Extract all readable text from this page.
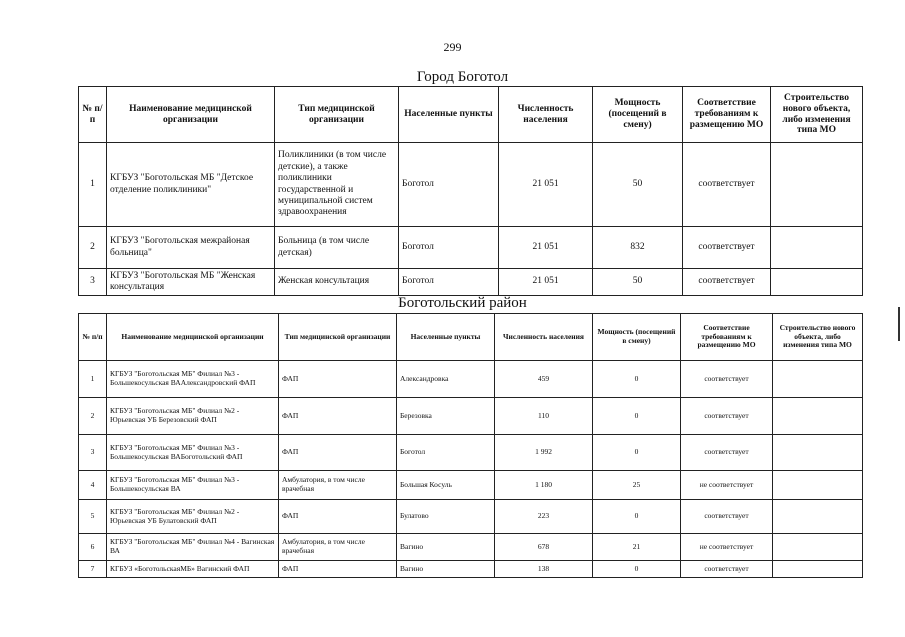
299
Город Боготол
№ п/п	Наименование медицинской организации	Тип медицинской организации	Населенные пункты	Численность населения	Мощность (посещений в смену)	Соответствие требованиям к размещению МО	Строительство нового объекта, либо изменения типа МО
1	КГБУЗ "Боготольская МБ "Детское отделение поликлиники"	Поликлиники (в том числе детские), а также поликлиники государственной и муниципальной систем здравоохранения	Боготол	21 051	50	соответствует	
2	КГБУЗ "Боготольская межрайоная больница"	Больница (в том числе детская)	Боготол	21 051	832	соответствует	
3	КГБУЗ "Боготольская МБ "Женская консультация	Женская консультация	Боготол	21 051	50	соответствует	
Боготольский район
№ п/п	Наименование медицинской организации	Тип медицинской организации	Населенные пункты	Численность населения	Мощность (посещений в смену)	Соответствие требованиям к размещению МО	Строительство нового объекта, либо изменения типа МО
1	КГБУЗ "Боготольская МБ" Филиал №3 - Большекосульская ВААлександровский ФАП	ФАП	Александровка	459	0	соответствует	
2	КГБУЗ "Боготольская МБ" Филиал №2 - Юрьевская УБ Березовский ФАП	ФАП	Березовка	110	0	соответствует	
3	КГБУЗ "Боготольская МБ" Филиал №3 - Большекосульская ВАБоготольский ФАП	ФАП	Боготол	1 992	0	соответствует	
4	КГБУЗ "Боготольская МБ" Филиал №3 - Большекосульская ВА	Амбулатория, в том числе врачебная	Большая Косуль	1 180	25	не соответствует	
5	КГБУЗ "Боготольская МБ" Филиал №2 - Юрьевская УБ Булатовский ФАП	ФАП	Булатово	223	0	соответствует	
6	КГБУЗ "Боготольская МБ" Филиал №4 - Вагинская ВА	Амбулатория, в том числе врачебная	Вагино	678	21	не соответствует	
7	КГБУЗ «БоготольскаяМБ» Вагинский ФАП	ФАП	Вагино	138	0	соответствует	
